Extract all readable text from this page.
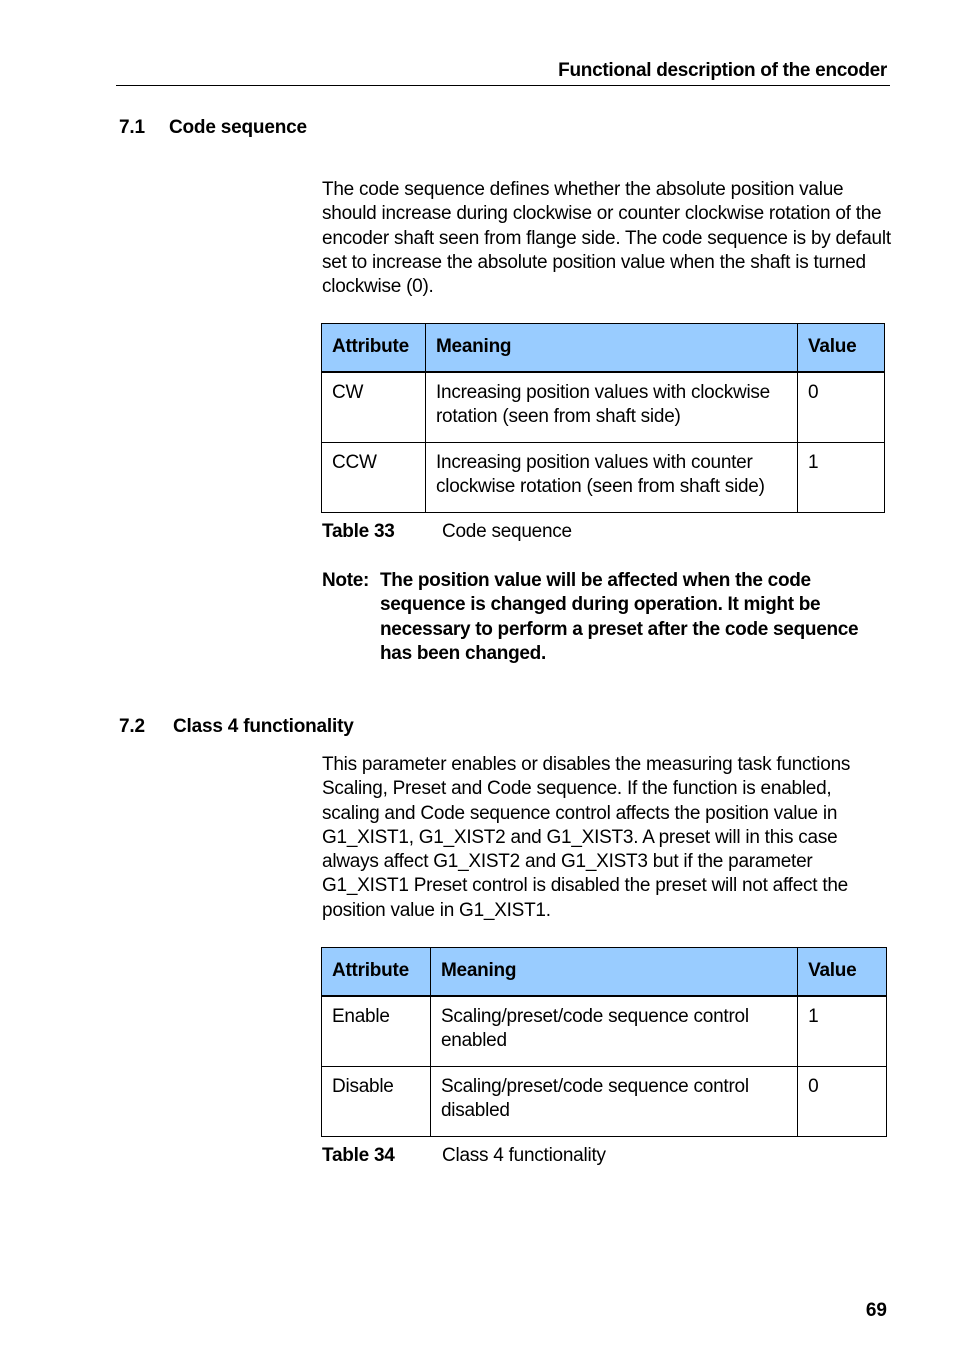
Functional description of the encoder
7.1 Code sequence

The code sequence defines whether the absolute position value should increase during clockwise or counter clockwise rotation of the encoder shaft seen from flange side. The code sequence is by default set to increase the absolute position value when the shaft is turned clockwise (0).

Attribute	Meaning	Value
CW	Increasing position values with clockwise rotation (seen from shaft side)	0
CCW	Increasing position values with counter clockwise rotation (seen from shaft side)	1
Table 33 Code sequence
Note: The position value will be affected when the code sequence is changed during operation. It might be necessary to perform a preset after the code sequence has been changed.
7.2 Class 4 functionality

This parameter enables or disables the measuring task functions Scaling, Preset and Code sequence. If the function is enabled, scaling and Code sequence control affects the position value in G1_XIST1, G1_XIST2 and G1_XIST3. A preset will in this case always affect G1_XIST2 and G1_XIST3 but if the parameter G1_XIST1 Preset control is disabled the preset will not affect the position value in G1_XIST1.

Attribute	Meaning	Value
Enable	Scaling/preset/code sequence control enabled	1
Disable	Scaling/preset/code sequence control disabled	0
Table 34 Class 4 functionality
69
